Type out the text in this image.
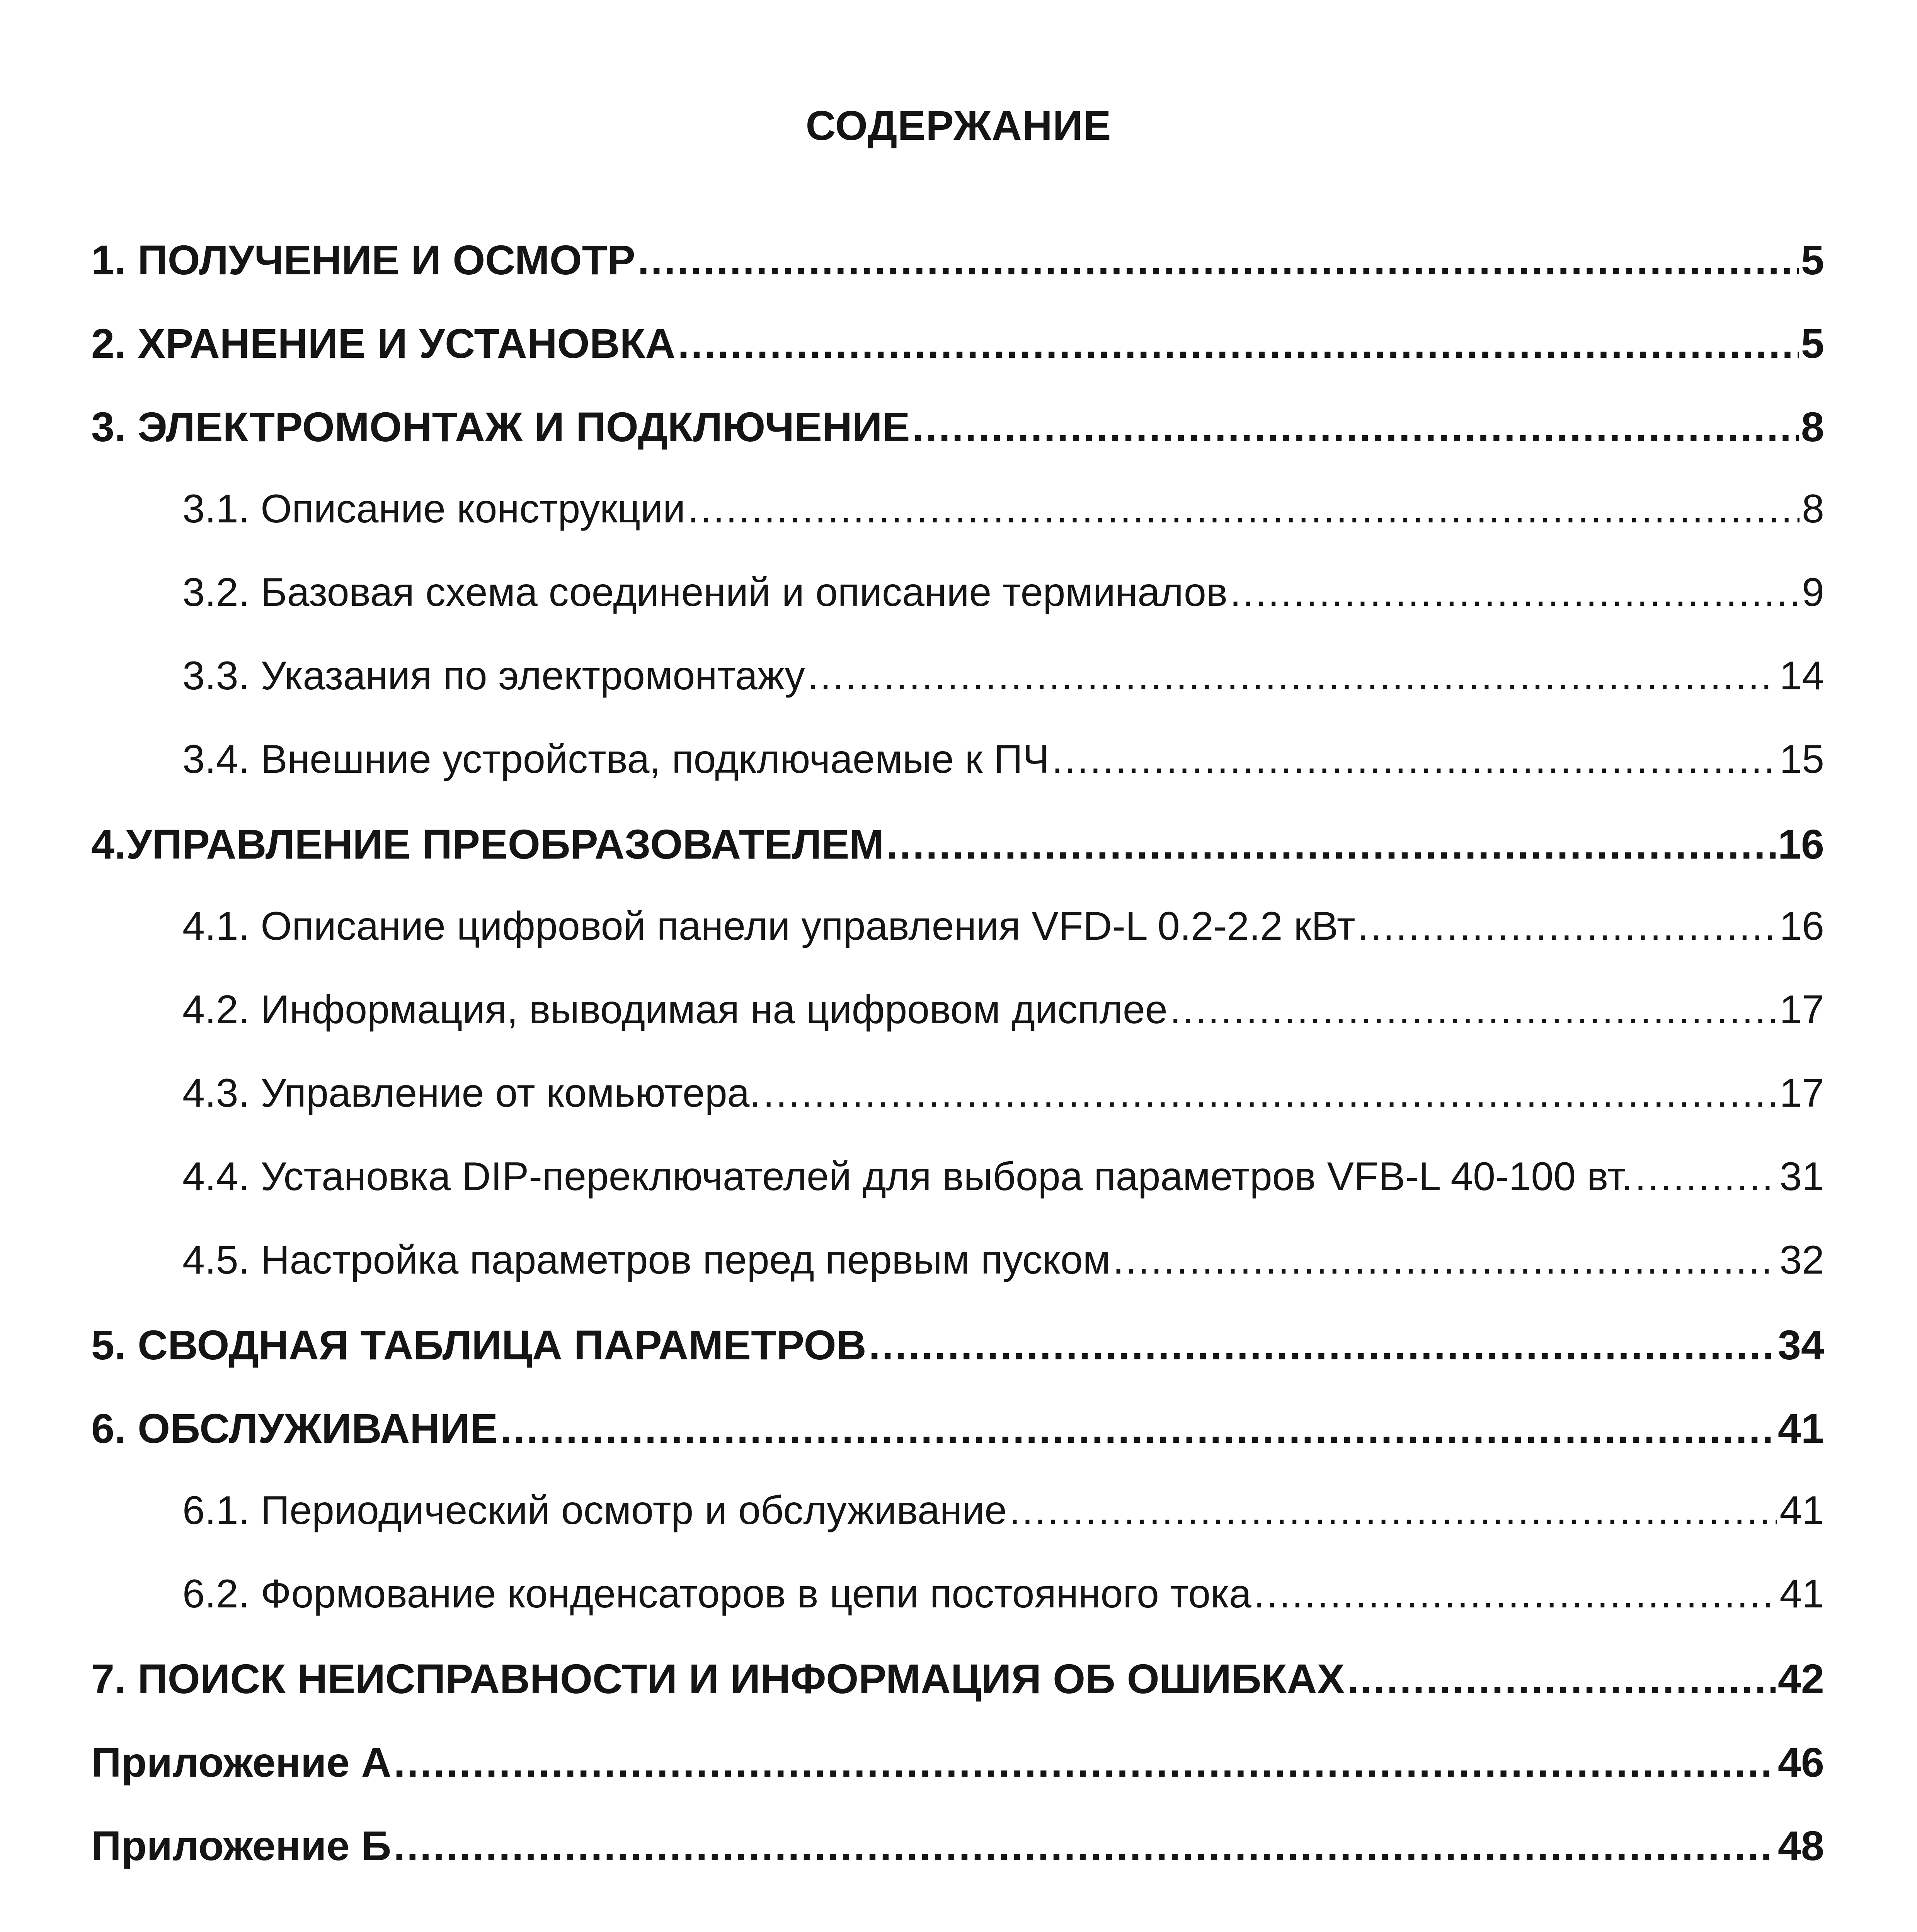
СОДЕРЖАНИЕ
1. ПОЛУЧЕНИЕ И ОСМОТР .....	5
2. ХРАНЕНИЕ И УСТАНОВКА .....	5
3. ЭЛЕКТРОМОНТАЖ И ПОДКЛЮЧЕНИЕ .....	8
3.1. Описание конструкции .....	8
3.2. Базовая схема соединений и описание терминалов .....	9
3.3. Указания по электромонтажу .....	14
3.4. Внешние устройства, подключаемые к ПЧ .....	15
4.УПРАВЛЕНИЕ ПРЕОБРАЗОВАТЕЛЕМ .....	16
4.1. Описание цифровой панели управления VFD-L 0.2-2.2 кВт .....	16
4.2. Информация, выводимая на цифровом дисплее .....	17
4.3. Управление от комьютера. .....	17
4.4. Установка DIP-переключателей для выбора параметров VFB-L 40-100 вт. .....	31
4.5. Настройка параметров перед первым пуском .....	32
5. СВОДНАЯ ТАБЛИЦА ПАРАМЕТРОВ .....	34
6. ОБСЛУЖИВАНИЕ .....	41
6.1. Периодический осмотр и обслуживание .....	41
6.2. Формование конденсаторов в цепи постоянного тока .....	41
7. ПОИСК НЕИСПРАВНОСТИ И ИНФОРМАЦИЯ ОБ ОШИБКАХ .....	42
Приложение А .....	46
Приложение Б .....	48
